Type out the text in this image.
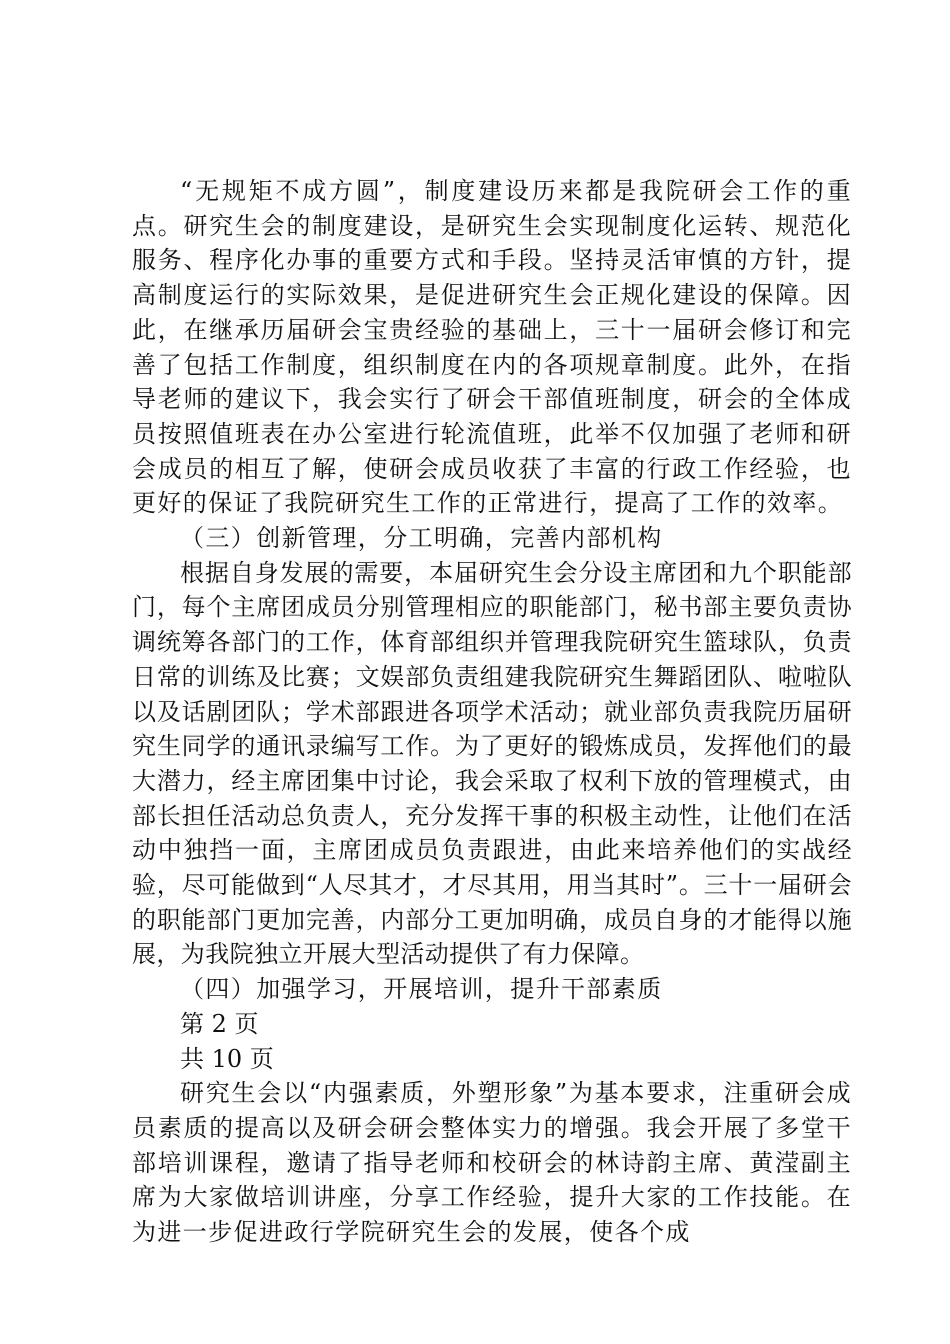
“无规矩不成方圆”，制度建设历来都是我院研会工作的重点。研究生会的制度建设，是研究生会实现制度化运转、规范化服务、程序化办事的重要方式和手段。坚持灵活审慎的方针，提高制度运行的实际效果，是促进研究生会正规化建设的保障。因此，在继承历届研会宝贵经验的基础上，三十一届研会修订和完善了包括工作制度，组织制度在内的各项规章制度。此外，在指导老师的建议下，我会实行了研会干部值班制度，研会的全体成员按照值班表在办公室进行轮流值班，此举不仅加强了老师和研会成员的相互了解，使研会成员收获了丰富的行政工作经验，也更好的保证了我院研究生工作的正常进行，提高了工作的效率。

（三）创新管理，分工明确，完善内部机构

根据自身发展的需要，本届研究生会分设主席团和九个职能部门，每个主席团成员分别管理相应的职能部门，秘书部主要负责协调统筹各部门的工作，体育部组织并管理我院研究生篮球队，负责日常的训练及比赛；文娱部负责组建我院研究生舞蹈团队、啦啦队以及话剧团队；学术部跟进各项学术活动；就业部负责我院历届研究生同学的通讯录编写工作。为了更好的锻炼成员，发挥他们的最大潜力，经主席团集中讨论，我会采取了权利下放的管理模式，由部长担任活动总负责人，充分发挥干事的积极主动性，让他们在活动中独挡一面，主席团成员负责跟进，由此来培养他们的实战经验，尽可能做到“人尽其才，才尽其用，用当其时”。三十一届研会的职能部门更加完善，内部分工更加明确，成员自身的才能得以施展，为我院独立开展大型活动提供了有力保障。

（四）加强学习，开展培训，提升干部素质

第 2 页

共 10 页

研究生会以“内强素质，外塑形象”为基本要求，注重研会成员素质的提高以及研会研会整体实力的增强。我会开展了多堂干部培训课程，邀请了指导老师和校研会的林诗韵主席、黄滢副主席为大家做培训讲座，分享工作经验，提升大家的工作技能。在为进一步促进政行学院研究生会的发展，使各个成
